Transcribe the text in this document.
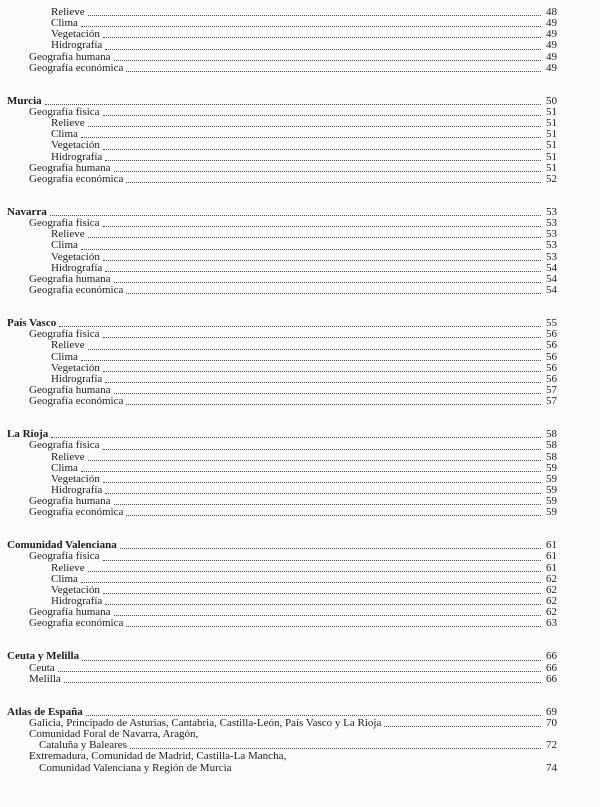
Relieve	48
Clima	49
Vegetación	49
Hidrografía	49
Geografía humana	49
Geografía económica	49
Murcia	50
Geografía física	51
Relieve	51
Clima	51
Vegetación	51
Hidrografía	51
Geografía humana	51
Geografía económica	52
Navarra	53
Geografía física	53
Relieve	53
Clima	53
Vegetación	53
Hidrografía	54
Geografía humana	54
Geografía económica	54
País Vasco	55
Geografía física	56
Relieve	56
Clima	56
Vegetación	56
Hidrografía	56
Geografía humana	57
Geografía económica	57
La Rioja	58
Geografía física	58
Relieve	58
Clima	59
Vegetación	59
Hidrografía	59
Geografía humana	59
Geografía económica	59
Comunidad Valenciana	61
Geografía física	61
Relieve	61
Clima	62
Vegetación	62
Hidrografía	62
Geografía humana	62
Geografía económica	63
Ceuta y Melilla	66
Ceuta	66
Melilla	66
Atlas de España	69
Galicia, Principado de Asturias, Cantabria, Castilla-León, País Vasco y La Rioja	70
Comunidad Foral de Navarra, Aragón,
Cataluña y Baleares	72
Extremadura, Comunidad de Madrid, Castilla-La Mancha,
Comunidad Valenciana y Región de Murcia	74
